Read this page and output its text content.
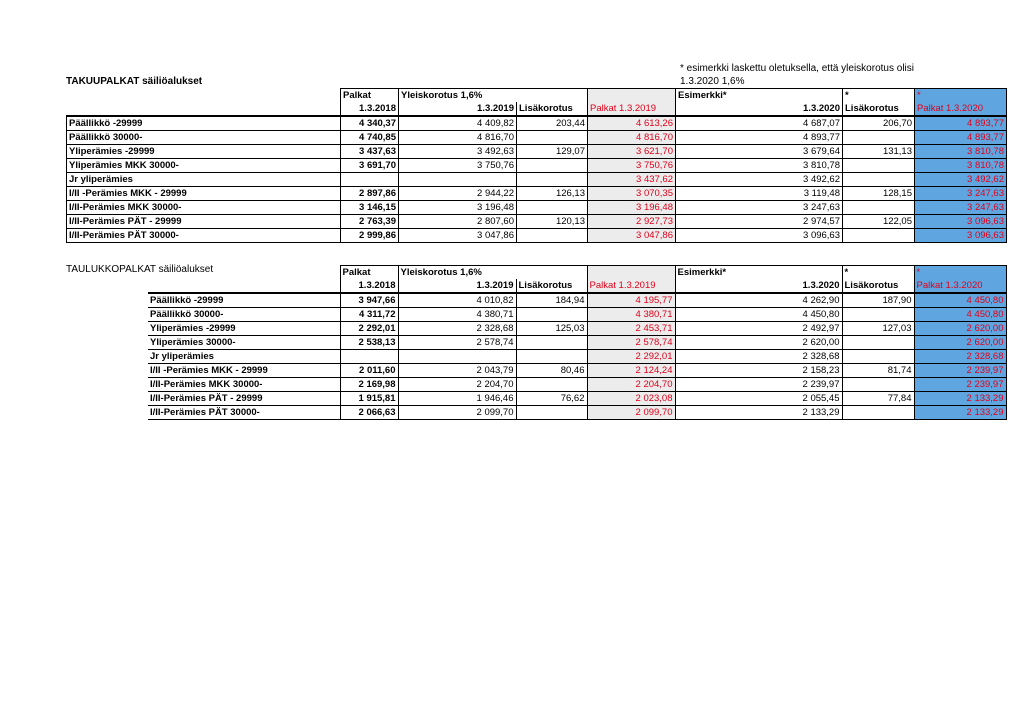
* esimerkki laskettu oletuksella, että yleiskorotus olisi
1.3.2020 1,6%
TAKUUPALKAT säiliöalukset
TAULUKKOPALKAT säiliöalukset
	Palkat	Yleiskorotus 1,6%			Esimerkki*	*	*
	1.3.2018	1.3.2019	Lisäkorotus	Palkat 1.3.2019	1.3.2020	Lisäkorotus	Palkat 1.3.2020
Päällikkö -29999	4 340,37	4 409,82	203,44	4 613,26	4 687,07	206,70	4 893,77
Päällikkö 30000-	4 740,85	4 816,70		4 816,70	4 893,77		4 893,77
Yliperämies -29999	3 437,63	3 492,63	129,07	3 621,70	3 679,64	131,13	3 810,78
Yliperämies MKK 30000-	3 691,70	3 750,76		3 750,76	3 810,78		3 810,78
Jr yliperämies				3 437,62	3 492,62		3 492,62
I/II -Perämies MKK - 29999	2 897,86	2 944,22	126,13	3 070,35	3 119,48	128,15	3 247,63
I/II-Perämies MKK 30000-	3 146,15	3 196,48		3 196,48	3 247,63		3 247,63
I/II-Perämies PÄT - 29999	2 763,39	2 807,60	120,13	2 927,73	2 974,57	122,05	3 096,63
I/II-Perämies PÄT 30000-	2 999,86	3 047,86		3 047,86	3 096,63		3 096,63
	Palkat	Yleiskorotus 1,6%			Esimerkki*	*	*
	1.3.2018	1.3.2019	Lisäkorotus	Palkat 1.3.2019	1.3.2020	Lisäkorotus	Palkat 1.3.2020
Päällikkö -29999	3 947,66	4 010,82	184,94	4 195,77	4 262,90	187,90	4 450,80
Päällikkö 30000-	4 311,72	4 380,71		4 380,71	4 450,80		4 450,80
Yliperämies -29999	2 292,01	2 328,68	125,03	2 453,71	2 492,97	127,03	2 620,00
Yliperämies 30000-	2 538,13	2 578,74		2 578,74	2 620,00		2 620,00
Jr yliperämies				2 292,01	2 328,68		2 328,68
I/II -Perämies MKK - 29999	2 011,60	2 043,79	80,46	2 124,24	2 158,23	81,74	2 239,97
I/II-Perämies MKK 30000-	2 169,98	2 204,70		2 204,70	2 239,97		2 239,97
I/II-Perämies PÄT - 29999	1 915,81	1 946,46	76,62	2 023,08	2 055,45	77,84	2 133,29
I/II-Perämies PÄT 30000-	2 066,63	2 099,70		2 099,70	2 133,29		2 133,29
